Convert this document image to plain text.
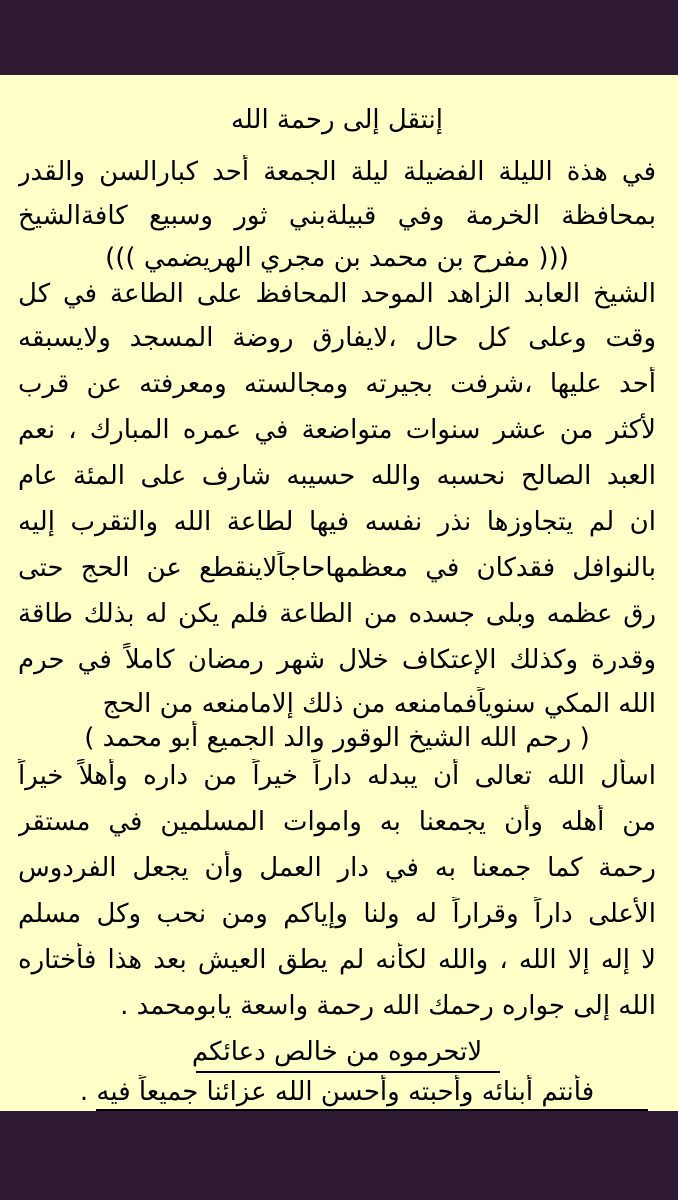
إنتقل إلى رحمة الله
في هذة الليلة الفضيلة ليلة الجمعة أحد كبارالسن والقدر
بمحافظة الخرمة وفي قبيلةبني ثور وسبيع كافةالشيخ
((( مفرح بن محمد بن مجري الهريضمي )))
الشيخ العابد الزاهد الموحد المحافظ على الطاعة في كل
وقت وعلى كل حال ،لايفارق روضة المسجد ولايسبقه
أحد عليها ،شرفت بجيرته ومجالسته ومعرفته عن قرب
لأكثر من عشر سنوات متواضعة في عمره المبارك ، نعم
العبد الصالح نحسبه والله حسيبه شارف على المئة عام
ان لم يتجاوزها نذر نفسه فيها لطاعة الله والتقرب إليه
بالنوافل فقدكان في معظمهاحاجاًلاينقطع عن الحج حتى
رق عظمه وبلى جسده من الطاعة فلم يكن له بذلك طاقة
وقدرة وكذلك الإعتكاف خلال شهر رمضان كاملاً في حرم
الله المكي سنوياًفمامنعه من ذلك إلامامنعه من الحج
( رحم الله الشيخ الوقور والد الجميع أبو محمد )
اسأل الله تعالى أن يبدله داراً خيراً من داره وأهلاً خيراً
من أهله وأن يجمعنا به واموات المسلمين في مستقر
رحمة كما جمعنا به في دار العمل وأن يجعل الفردوس
الأعلى داراً وقراراً له ولنا وإياكم ومن نحب وكل مسلم
لا إله إلا الله ، والله لكأنه لم يطق العيش بعد هذا فأختاره
الله إلى جواره رحمك الله رحمة واسعة يابومحمد .
لاتحرموه من خالص دعائكم
فأنتم أبنائه وأحبته وأحسن الله عزائنا جميعاً فيه .
